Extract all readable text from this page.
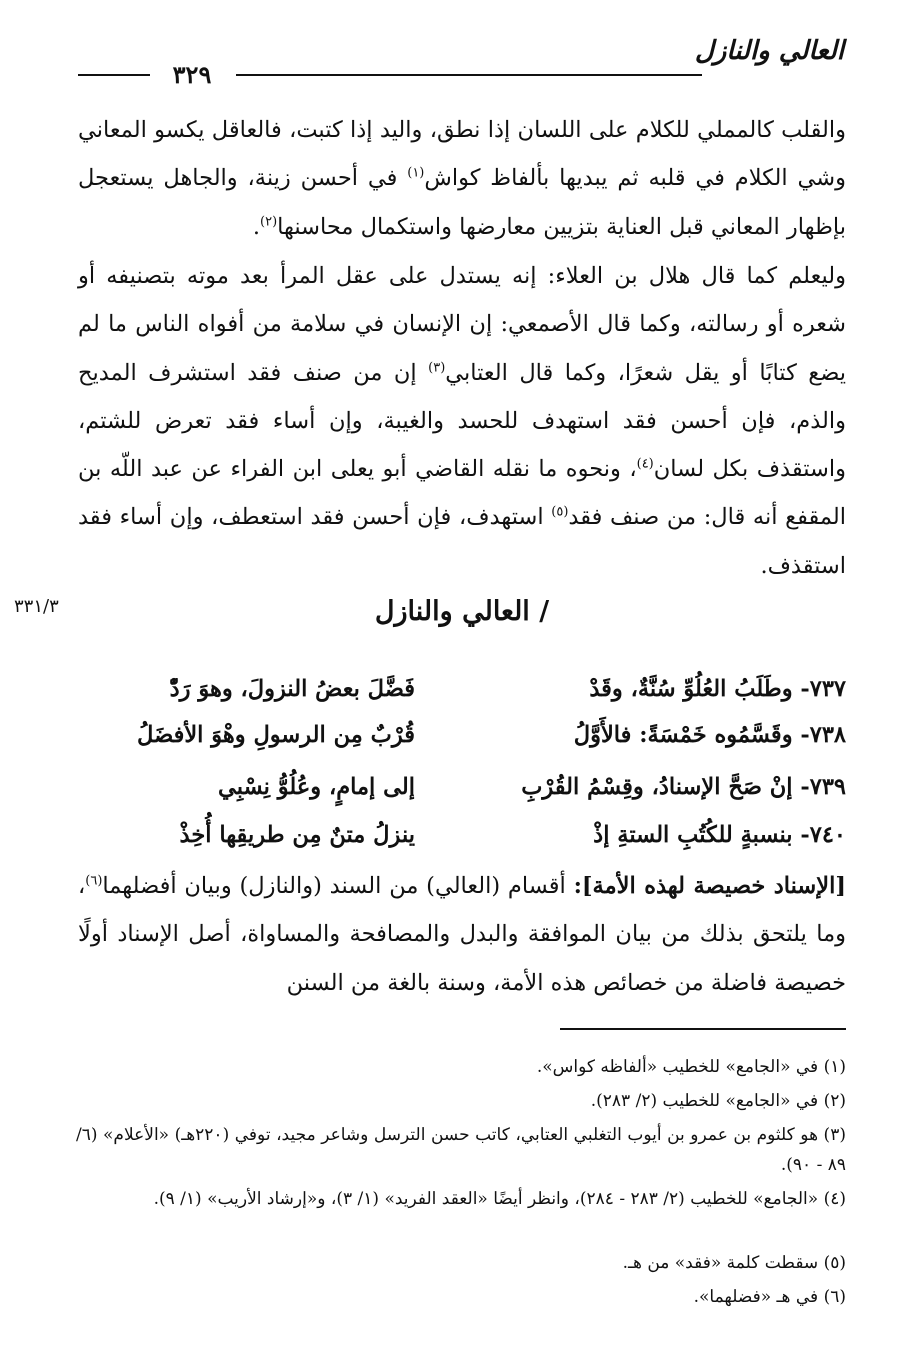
العالي والنازل
٣٢٩
والقلب كالمملي للكلام على اللسان إذا نطق، واليد إذا كتبت، فالعاقل يكسو المعاني وشي الكلام في قلبه ثم يبديها بألفاظ كواش$^{(١)}$ في أحسن زينة، والجاهل يستعجل بإظهار المعاني قبل العناية بتزيين معارضها واستكمال محاسنها$^{(٢)}$.
وليعلم كما قال هلال بن العلاء: إنه يستدل على عقل المرأ بعد موته بتصنيفه أو شعره أو رسالته، وكما قال الأصمعي: إن الإنسان في سلامة من أفواه الناس ما لم يضع كتابًا أو يقل شعرًا، وكما قال العتابي$^{(٣)}$ إن من صنف فقد استشرف المديح والذم، فإن أحسن فقد استهدف للحسد والغيبة، وإن أساء فقد تعرض للشتم، واستقذف بكل لسان$^{(٤)}$، ونحوه ما نقله القاضي أبو يعلى ابن الفراء عن عبد اللّه بن المقفع أنه قال: من صنف فقد$^{(٥)}$ استهدف، فإن أحسن فقد استعطف، وإن أساء فقد استقذف.
/ العالي والنازل
٣٣١/٣
٧٣٧- وطَلَبُ العُلُوِّ سُنَّةٌ، وقَدْ
فَضَّلَ بعضُ النزولَ، وهوَ رَدّْ
٧٣٨- وقَسَّمُوه خَمْسَةً: فالأَوَّلُ
قُرْبٌ مِن الرسولِ وهْوَ الأفضَلُ
٧٣٩- إنْ صَحَّ الإسنادُ، وقِسْمُ القُرْبِ
إلى إمامٍ، وعُلُوُّ نِسْبِي
٧٤٠- بنسبةٍ للكُتُبِ الستةِ إذْ
ينزلُ متنٌ مِن طريقِها أُخِذْ
[الإسناد خصيصة لهذه الأمة]: أقسام (العالي) من السند (والنازل) وبيان أفضلهما$^{(٦)}$، وما يلتحق بذلك من بيان الموافقة والبدل والمصافحة والمساواة، أصل الإسناد أولًا خصيصة فاضلة من خصائص هذه الأمة، وسنة بالغة من السنن
(١) في «الجامع» للخطيب «ألفاظه كواس».
(٢) في «الجامع» للخطيب (٢/ ٢٨٣).
(٣) هو كلثوم بن عمرو بن أيوب التغلبي العتابي، كاتب حسن الترسل وشاعر مجيد، توفي (٢٢٠هـ) «الأعلام» (٦/ ٨٩ - ٩٠).
(٤) «الجامع» للخطيب (٢/ ٢٨٣ - ٢٨٤)، وانظر أيضًا «العقد الفريد» (١/ ٣)، و«إرشاد الأريب» (١/ ٩).
(٥) سقطت كلمة «فقد» من هـ.
(٦) في هـ «فضلهما».
